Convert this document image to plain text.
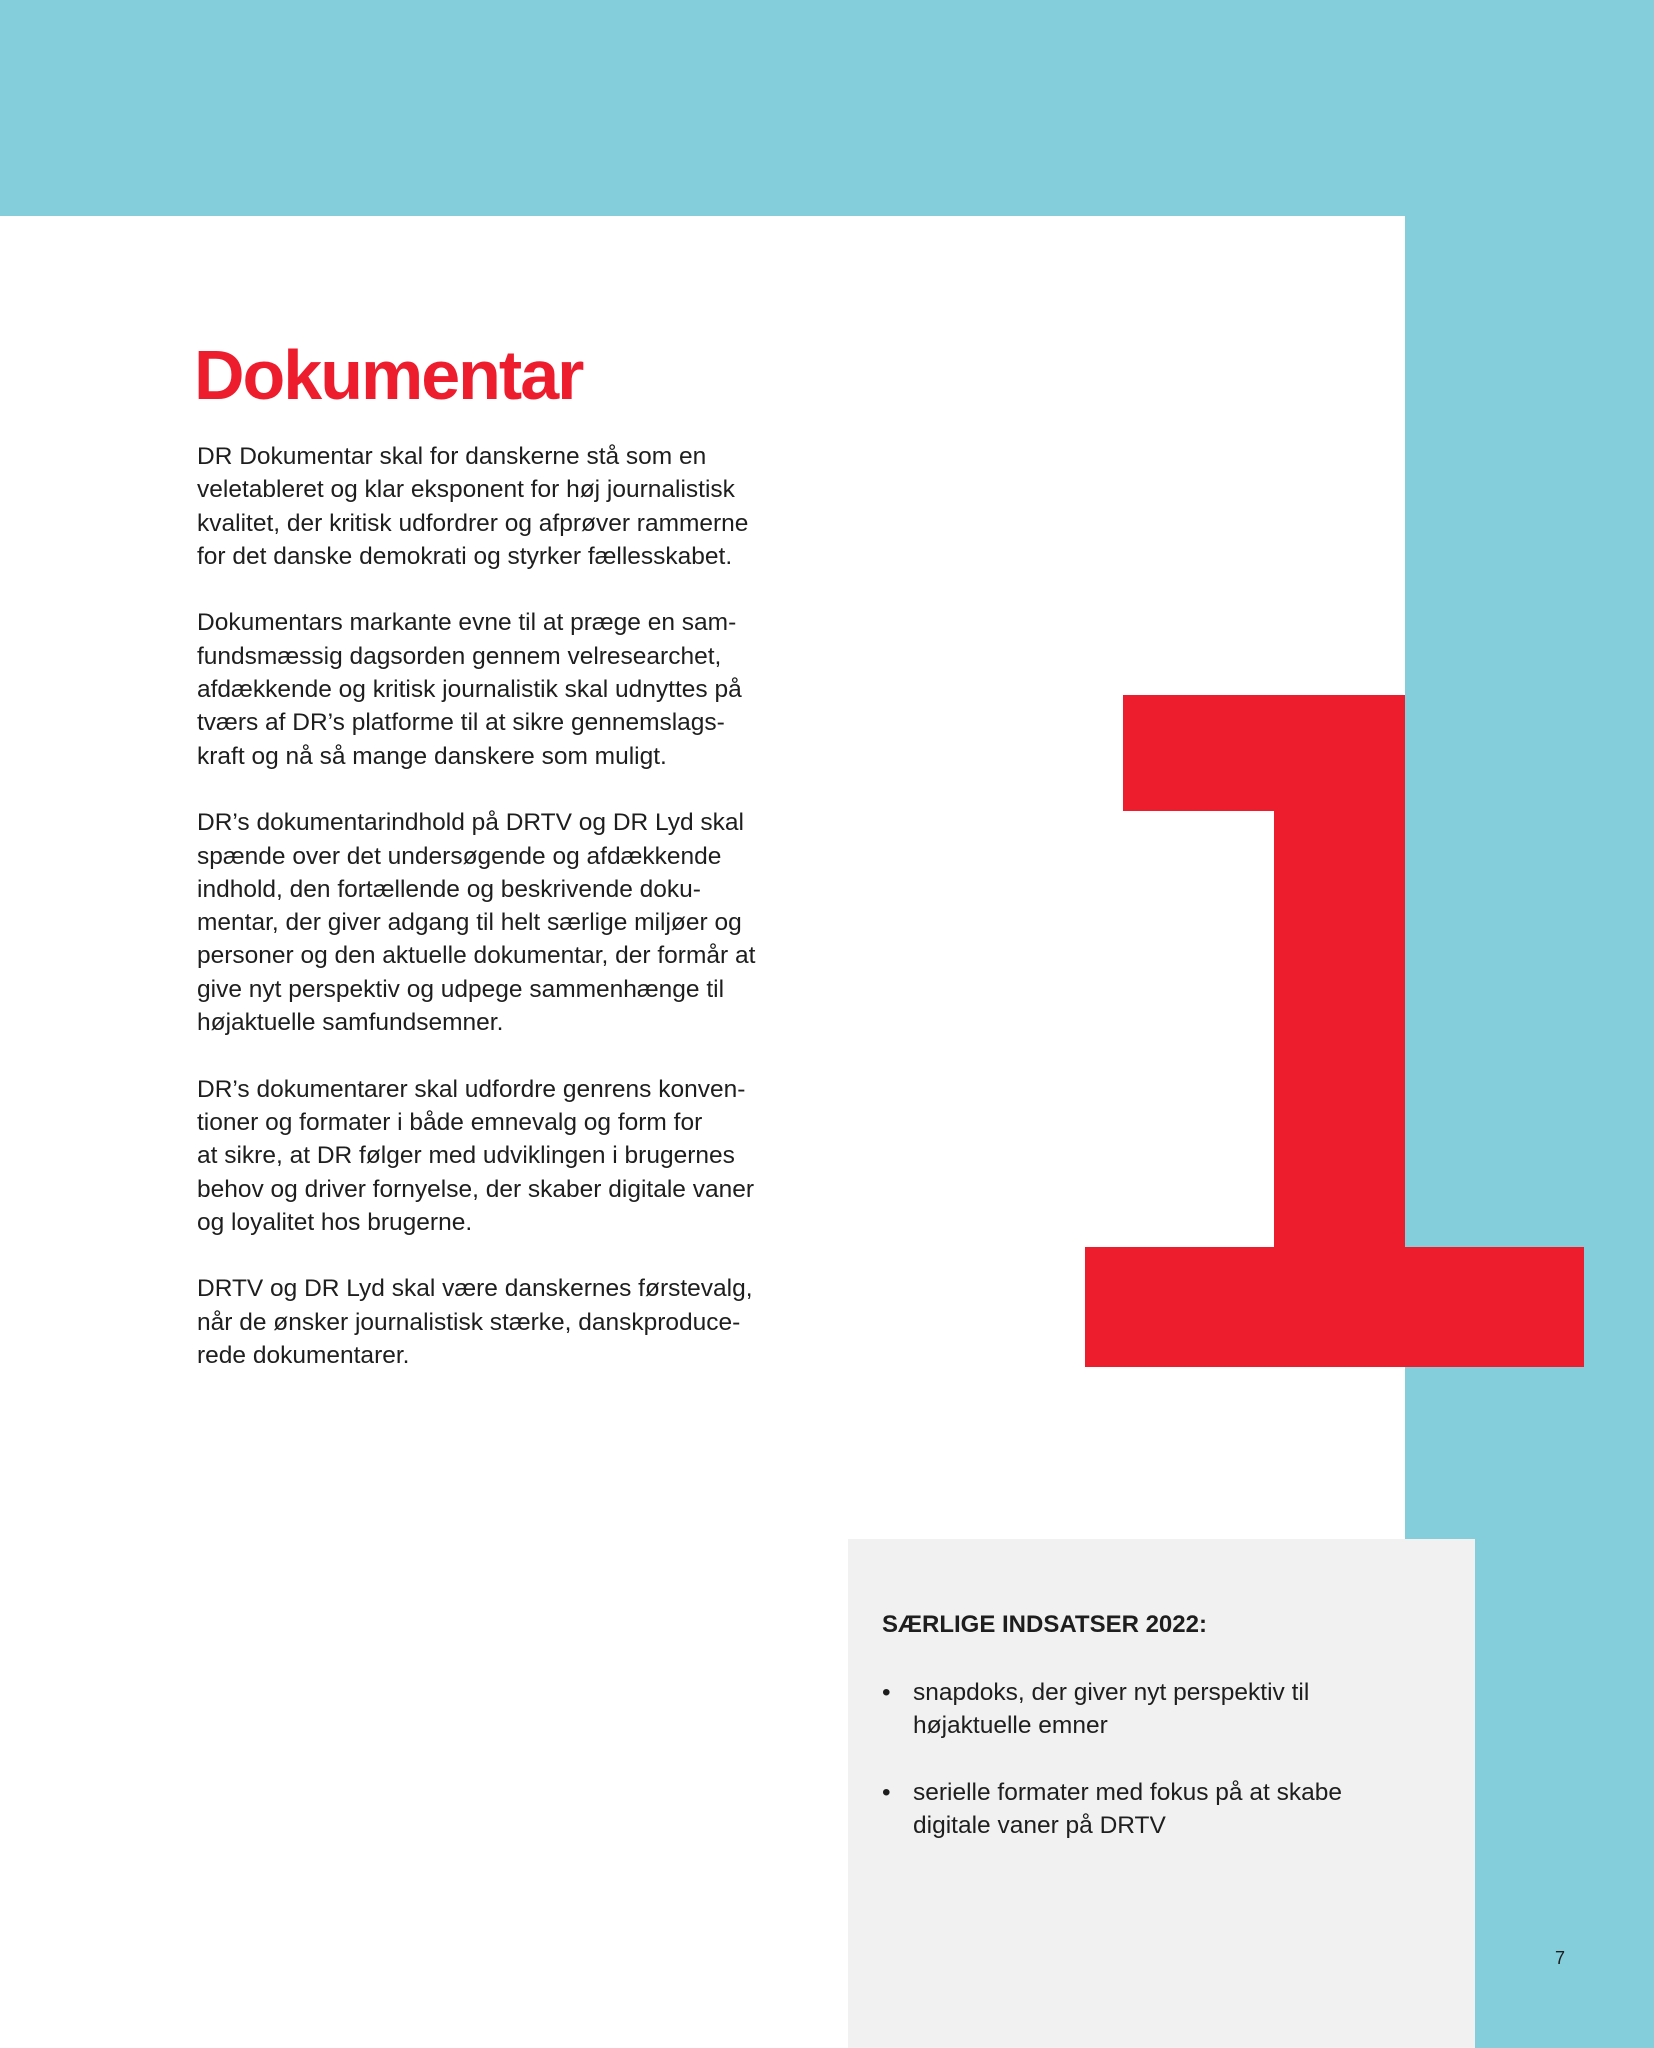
Dokumentar

DR Dokumentar skal for danskerne stå som en
veletableret og klar eksponent for høj journalistisk
kvalitet, der kritisk udfordrer og afprøver rammerne
for det danske demokrati og styrker fællesskabet.

Dokumentars markante evne til at præge en sam-
fundsmæssig dagsorden gennem velresearchet,
afdækkende og kritisk journalistik skal udnyttes på
tværs af DR’s platforme til at sikre gennemslags-
kraft og nå så mange danskere som muligt.

DR’s dokumentarindhold på DRTV og DR Lyd skal
spænde over det undersøgende og afdækkende
indhold, den fortællende og beskrivende doku-
mentar, der giver adgang til helt særlige miljøer og
personer og den aktuelle dokumentar, der formår at
give nyt perspektiv og udpege sammenhænge til
højaktuelle samfundsemner.

DR’s dokumentarer skal udfordre genrens konven-
tioner og formater i både emnevalg og form for
at sikre, at DR følger med udviklingen i brugernes
behov og driver fornyelse, der skaber digitale vaner
og loyalitet hos brugerne.

DRTV og DR Lyd skal være danskernes førstevalg,
når de ønsker journalistisk stærke, danskproduce-
rede dokumentarer.

SÆRLIGE INDSATSER 2022:
• snapdoks, der giver nyt perspektiv til
højaktuelle emner
• serielle formater med fokus på at skabe
digitale vaner på DRTV
7
